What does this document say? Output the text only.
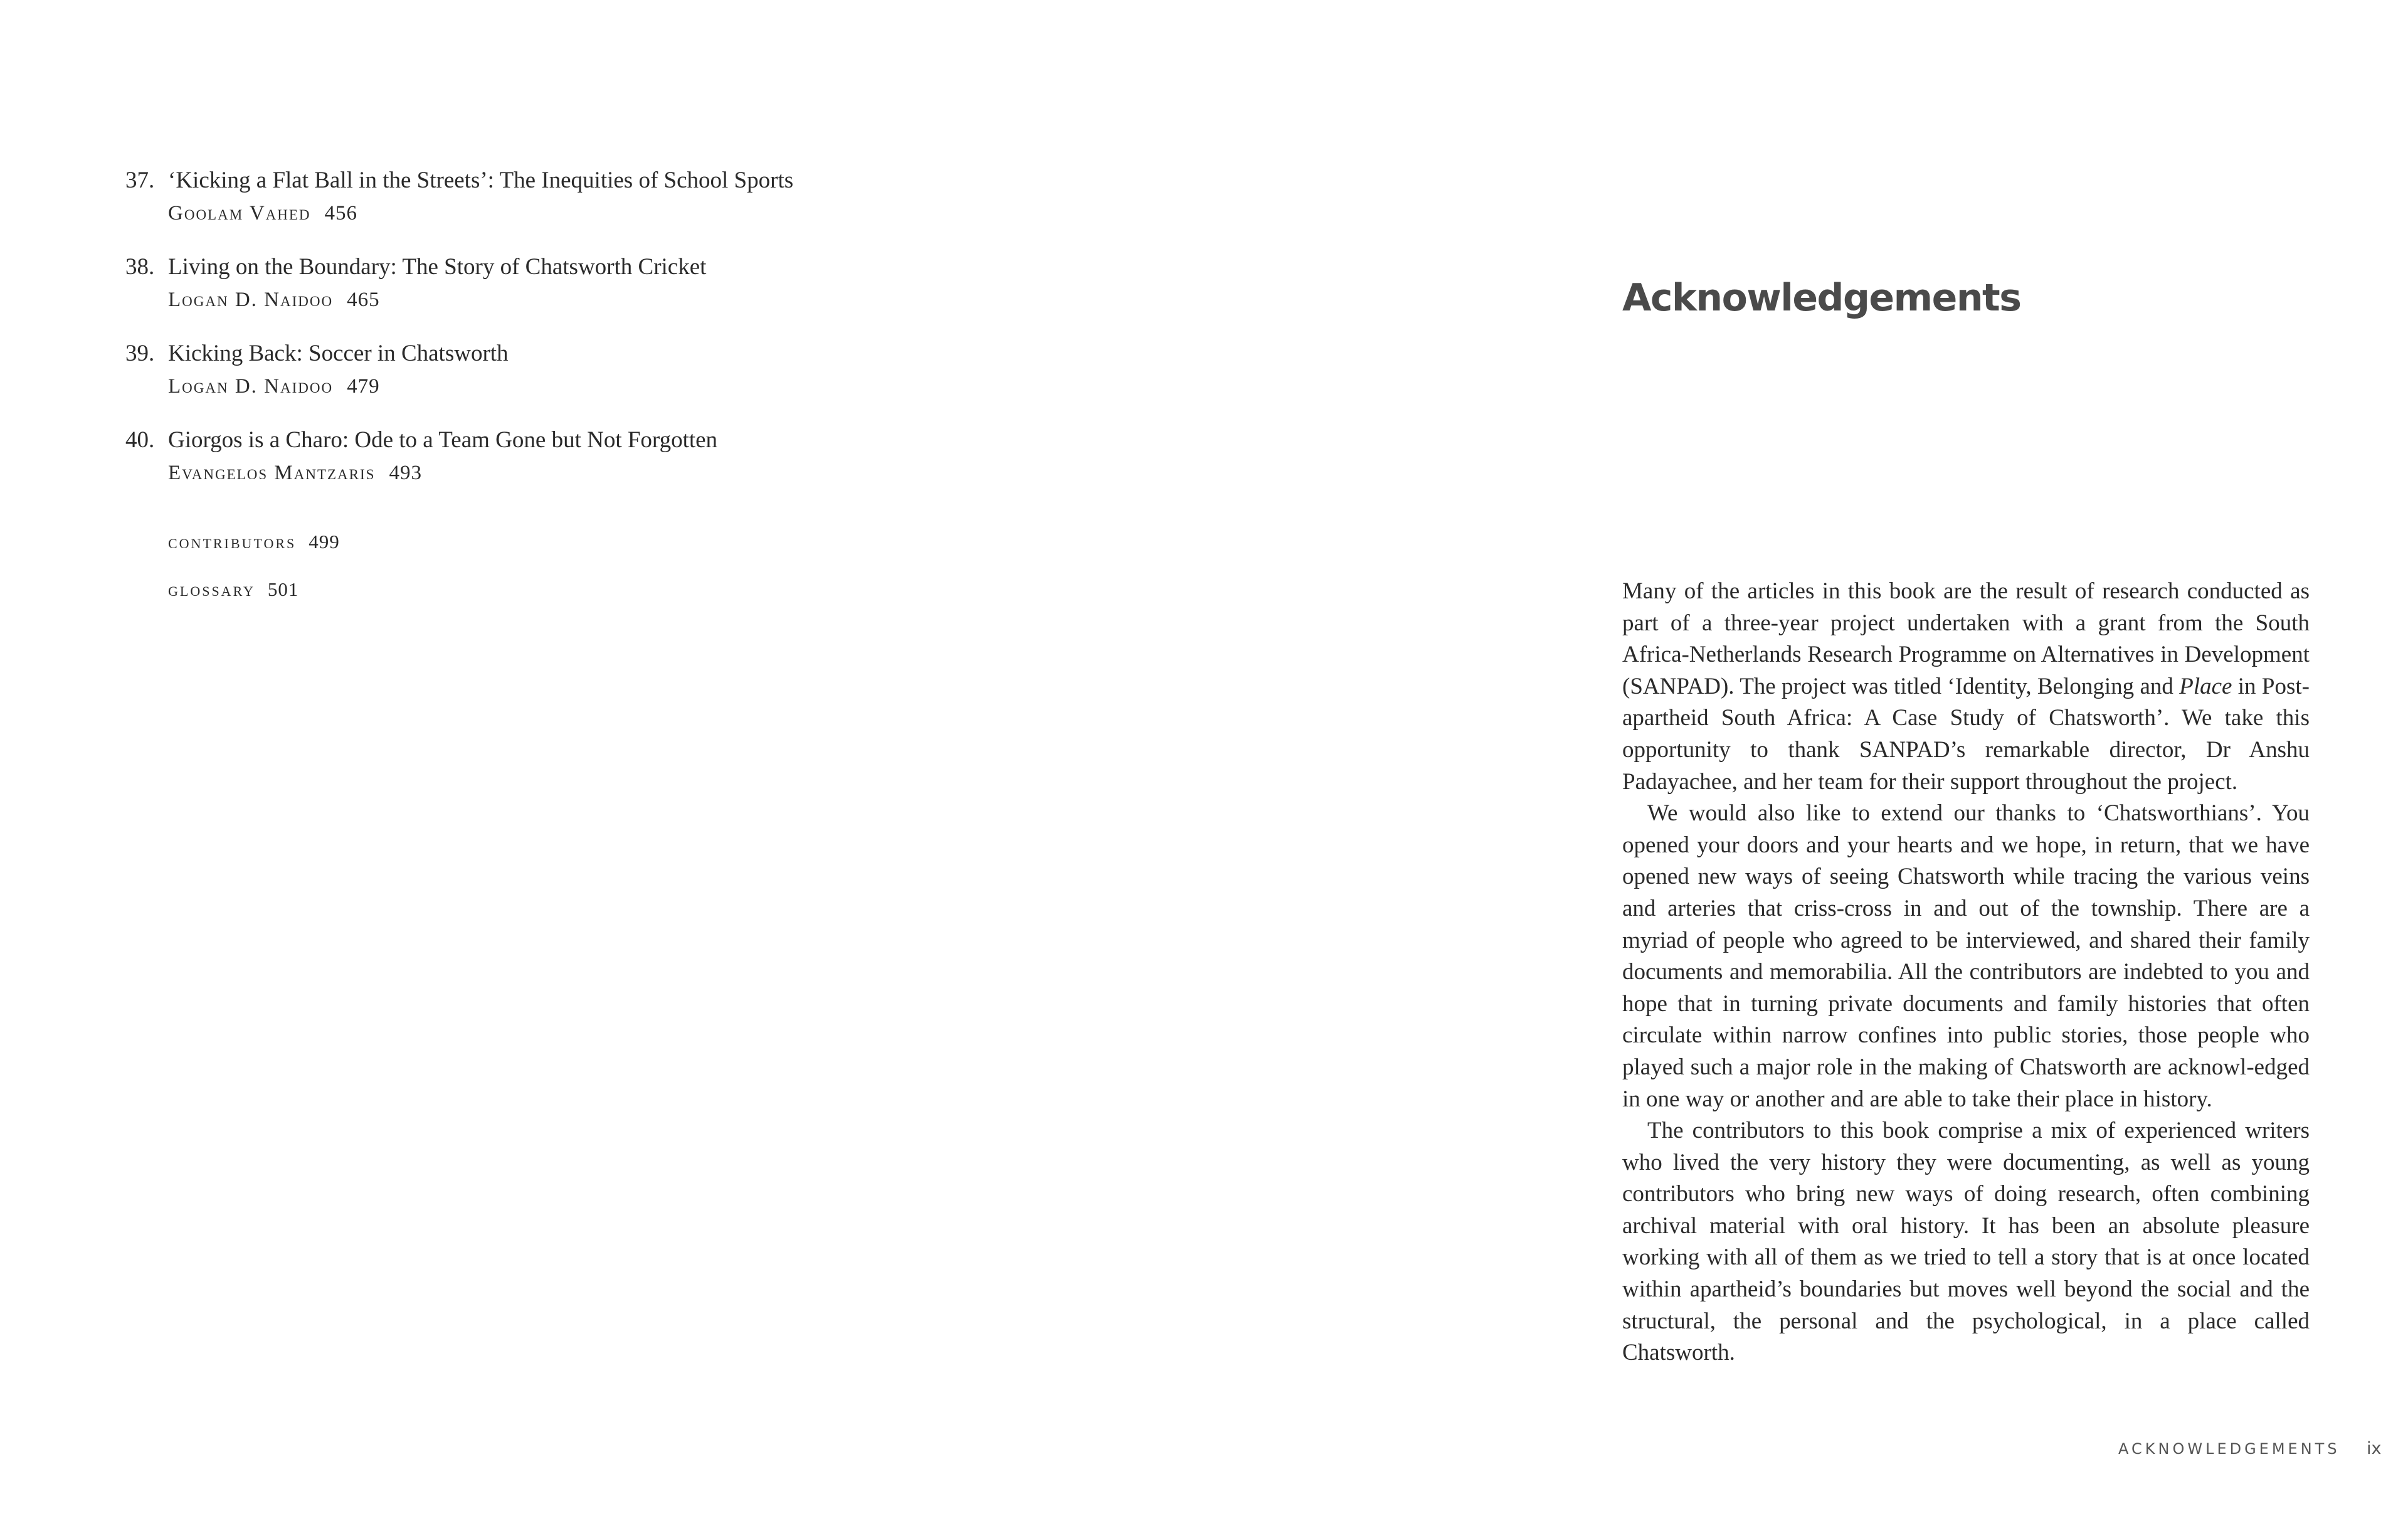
37. ‘Kicking a Flat Ball in the Streets’: The Inequities of School Sports
Goolam Vahed 456
38. Living on the Boundary: The Story of Chatsworth Cricket
Logan D. Naidoo 465
39. Kicking Back: Soccer in Chatsworth
Logan D. Naidoo 479
40. Giorgos is a Charo: Ode to a Team Gone but Not Forgotten
Evangelos Mantzaris 493
contributors 499
glossary 501
Acknowledgements

Many of the articles in this book are the result of research conducted as part of a three-year project undertaken with a grant from the South Africa-Netherlands Research Programme on Alternatives in Development (SANPAD). The project was titled ‘Identity, Belonging and Place in Post-apartheid South Africa: A Case Study of Chatsworth’. We take this opportunity to thank SANPAD’s remarkable director, Dr Anshu Padayachee, and her team for their support throughout the project.

We would also like to extend our thanks to ‘Chatsworthians’. You opened your doors and your hearts and we hope, in return, that we have opened new ways of seeing Chatsworth while tracing the various veins and arteries that criss-cross in and out of the township. There are a myriad of people who agreed to be interviewed, and shared their family documents and memorabilia. All the contributors are indebted to you and hope that in turning private documents and family histories that often circulate within narrow confines into public stories, those people who played such a major role in the making of Chatsworth are acknowl-edged in one way or another and are able to take their place in history.

The contributors to this book comprise a mix of experienced writers who lived the very history they were documenting, as well as young contributors who bring new ways of doing research, often combining archival material with oral history. It has been an absolute pleasure working with all of them as we tried to tell a story that is at once located within apartheid’s boundaries but moves well beyond the social and the structural, the personal and the psychological, in a place called Chatsworth.

ACKNOWLEDGEMENTS ix
